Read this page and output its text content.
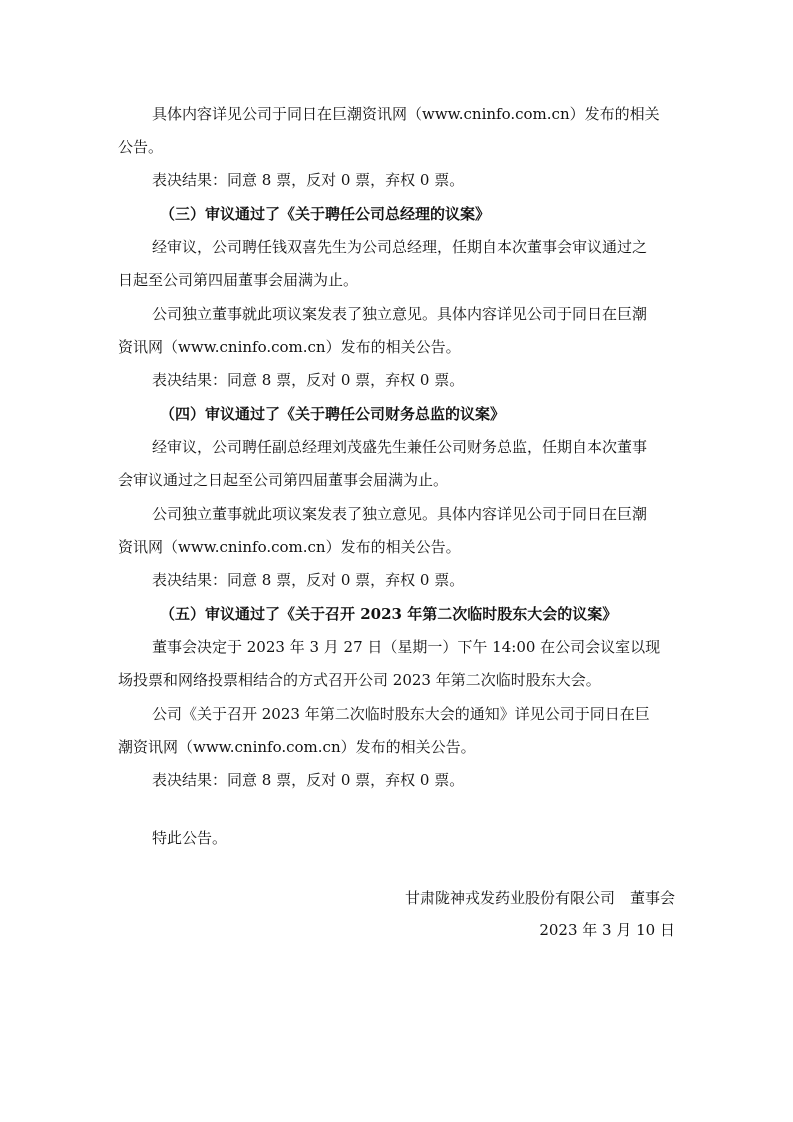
具体内容详见公司于同日在巨潮资讯网（www.cninfo.com.cn）发布的相关
公告。
表决结果：同意 8 票，反对 0 票，弃权 0 票。
（三）审议通过了《关于聘任公司总经理的议案》
经审议，公司聘任钱双喜先生为公司总经理，任期自本次董事会审议通过之
日起至公司第四届董事会届满为止。
公司独立董事就此项议案发表了独立意见。具体内容详见公司于同日在巨潮
资讯网（www.cninfo.com.cn）发布的相关公告。
表决结果：同意 8 票，反对 0 票，弃权 0 票。
（四）审议通过了《关于聘任公司财务总监的议案》
经审议，公司聘任副总经理刘茂盛先生兼任公司财务总监，任期自本次董事
会审议通过之日起至公司第四届董事会届满为止。
公司独立董事就此项议案发表了独立意见。具体内容详见公司于同日在巨潮
资讯网（www.cninfo.com.cn）发布的相关公告。
表决结果：同意 8 票，反对 0 票，弃权 0 票。
（五）审议通过了《关于召开 2023 年第二次临时股东大会的议案》
董事会决定于 2023 年 3 月 27 日（星期一）下午 14:00 在公司会议室以现
场投票和网络投票相结合的方式召开公司 2023 年第二次临时股东大会。
公司《关于召开 2023 年第二次临时股东大会的通知》详见公司于同日在巨
潮资讯网（www.cninfo.com.cn）发布的相关公告。
表决结果：同意 8 票，反对 0 票，弃权 0 票。
特此公告。
甘肃陇神戎发药业股份有限公司　董事会
2023 年 3 月 10 日
